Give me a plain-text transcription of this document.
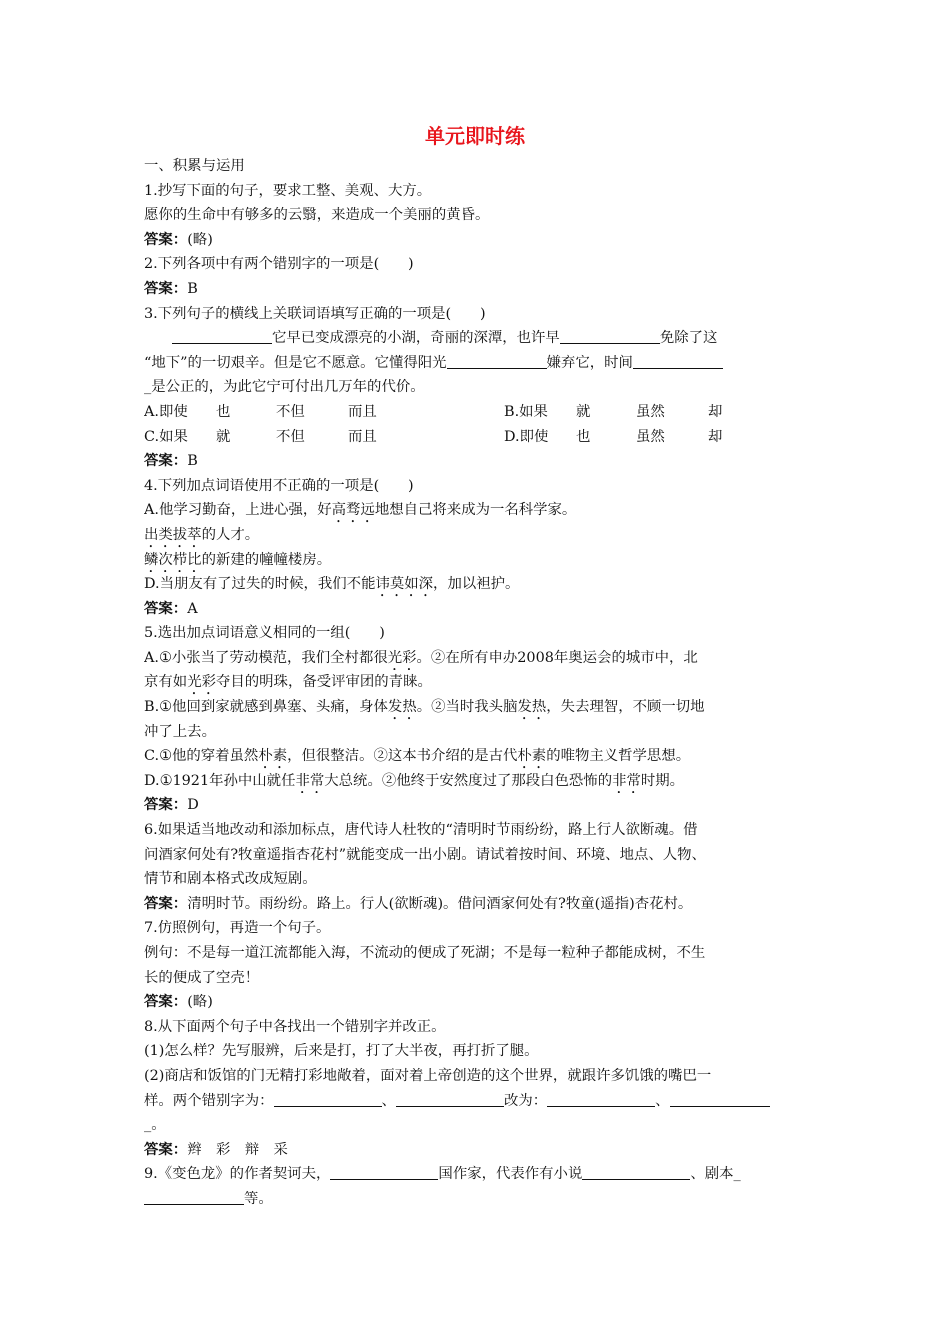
单元即时练
一、积累与运用
1.抄写下面的句子，要求工整、美观、大方。
愿你的生命中有够多的云翳，来造成一个美丽的黄昏。
答案：(略)
2.下列各项中有两个错别字的一项是(　　)
答案：B
3.下列句子的横线上关联词语填写正确的一项是(　　)
它早已变成漂亮的小湖，奇丽的深潭，也许早	免除了这
“地下”的一切艰辛。但是它不愿意。它懂得阳光	嫌弃它，时间
_是公正的，为此它宁可付出几万年的代价。
A.即使	也	不但	而且	B.如果	就	虽然	却
C.如果	就	不但	而且	D.即使	也	虽然	却
答案：B
4.下列加点词语使用不正确的一项是(　　)
A.他学习勤奋，上进心强，好高骛远地想自己将来成为一名科学家。
出类拔萃的人才。
鳞次栉比的新建的幢幢楼房。
D.当朋友有了过失的时候，我们不能讳莫如深，加以袒护。
答案：A
5.选出加点词语意义相同的一组(　　)
A.①小张当了劳动模范，我们全村都很光彩。②在所有申办2008年奥运会的城市中，北
京有如光彩夺目的明珠，备受评审团的青睐。
B.①他回到家就感到鼻塞、头痛，身体发热。②当时我头脑发热，失去理智，不顾一切地
冲了上去。
C.①他的穿着虽然朴素，但很整洁。②这本书介绍的是古代朴素的唯物主义哲学思想。
D.①1921年孙中山就任非常大总统。②他终于安然度过了那段白色恐怖的非常时期。
答案：D
6.如果适当地改动和添加标点，唐代诗人杜牧的“清明时节雨纷纷，路上行人欲断魂。借
问酒家何处有?牧童遥指杏花村”就能变成一出小剧。请试着按时间、环境、地点、人物、
情节和剧本格式改成短剧。
答案：清明时节。雨纷纷。路上。行人(欲断魂)。借问酒家何处有?牧童(遥指)杏花村。
7.仿照例句，再造一个句子。
例句：不是每一道江流都能入海，不流动的便成了死湖；不是每一粒种子都能成树，不生
长的便成了空壳！
答案：(略)
8.从下面两个句子中各找出一个错别字并改正。
(1)怎么样？先写服辨，后来是打，打了大半夜，再打折了腿。
(2)商店和饭馆的门无精打彩地敞着，面对着上帝创造的这个世界，就跟许多饥饿的嘴巴一
样。两个错别字为：	、	改为：	、
_。
答案：辫　彩　辩　采
9.《变色龙》的作者契诃夫，	国作家，代表作有小说	、剧本_
等。
